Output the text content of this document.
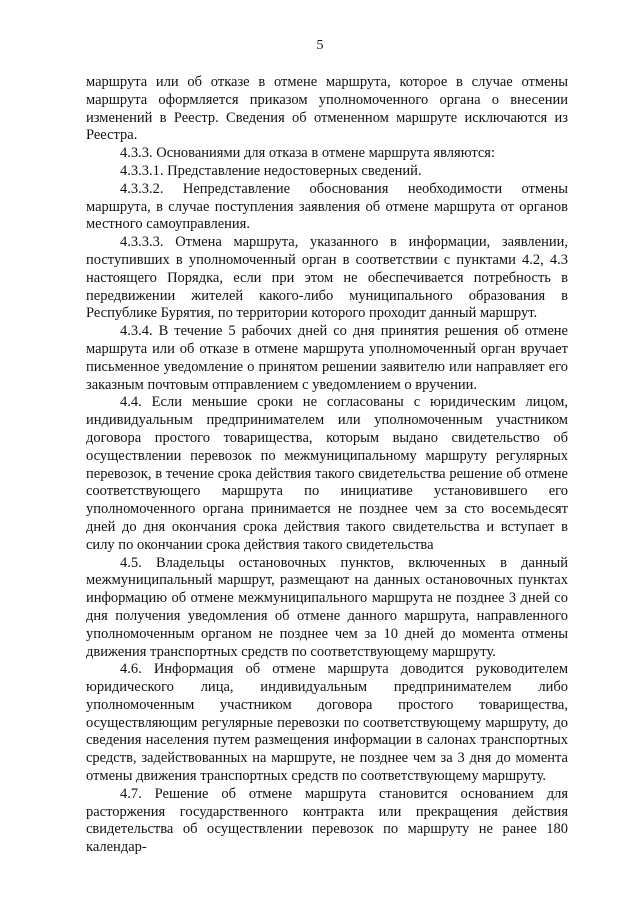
5

маршрута или об отказе в отмене маршрута, которое в случае отмены маршрута оформляется приказом уполномоченного органа о внесении изменений в Реестр. Сведения об отмененном маршруте исключаются из Реестра.

4.3.3. Основаниями для отказа в отмене маршрута являются:

4.3.3.1. Представление недостоверных сведений.

4.3.3.2. Непредставление обоснования необходимости отмены маршрута, в случае поступления заявления об отмене маршрута от органов местного самоуправления.

4.3.3.3. Отмена маршрута, указанного в информации, заявлении, поступивших в уполномоченный орган в соответствии с пунктами 4.2, 4.3 настоящего Порядка, если при этом не обеспечивается потребность в передвижении жителей какого-либо муниципального образования в Республике Бурятия, по территории которого проходит данный маршрут.

4.3.4. В течение 5 рабочих дней со дня принятия решения об отмене маршрута или об отказе в отмене маршрута уполномоченный орган вручает письменное уведомление о принятом решении заявителю или направляет его заказным почтовым отправлением с уведомлением о вручении.

4.4. Если меньшие сроки не согласованы с юридическим лицом, индивидуальным предпринимателем или уполномоченным участником договора простого товарищества, которым выдано свидетельство об осуществлении перевозок по межмуниципальному маршруту регулярных перевозок, в течение срока действия такого свидетельства решение об отмене соответствующего маршрута по инициативе установившего его уполномоченного органа принимается не позднее чем за сто восемьдесят дней до дня окончания срока действия такого свидетельства и вступает в силу по окончании срока действия такого свидетельства

4.5. Владельцы остановочных пунктов, включенных в данный межмуниципальный маршрут, размещают на данных остановочных пунктах информацию об отмене межмуниципального маршрута не позднее 3 дней со дня получения уведомления об отмене данного маршрута, направленного уполномоченным органом не позднее чем за 10 дней до момента отмены движения транспортных средств по соответствующему маршруту.

4.6. Информация об отмене маршрута доводится руководителем юридического лица, индивидуальным предпринимателем либо уполномоченным участником договора простого товарищества, осуществляющим регулярные перевозки по соответствующему маршруту, до сведения населения путем размещения информации в салонах транспортных средств, задействованных на маршруте, не позднее чем за 3 дня до момента отмены движения транспортных средств по соответствующему маршруту.

4.7. Решение об отмене маршрута становится основанием для расторжения государственного контракта или прекращения действия свидетельства об осуществлении перевозок по маршруту не ранее 180 календар-
